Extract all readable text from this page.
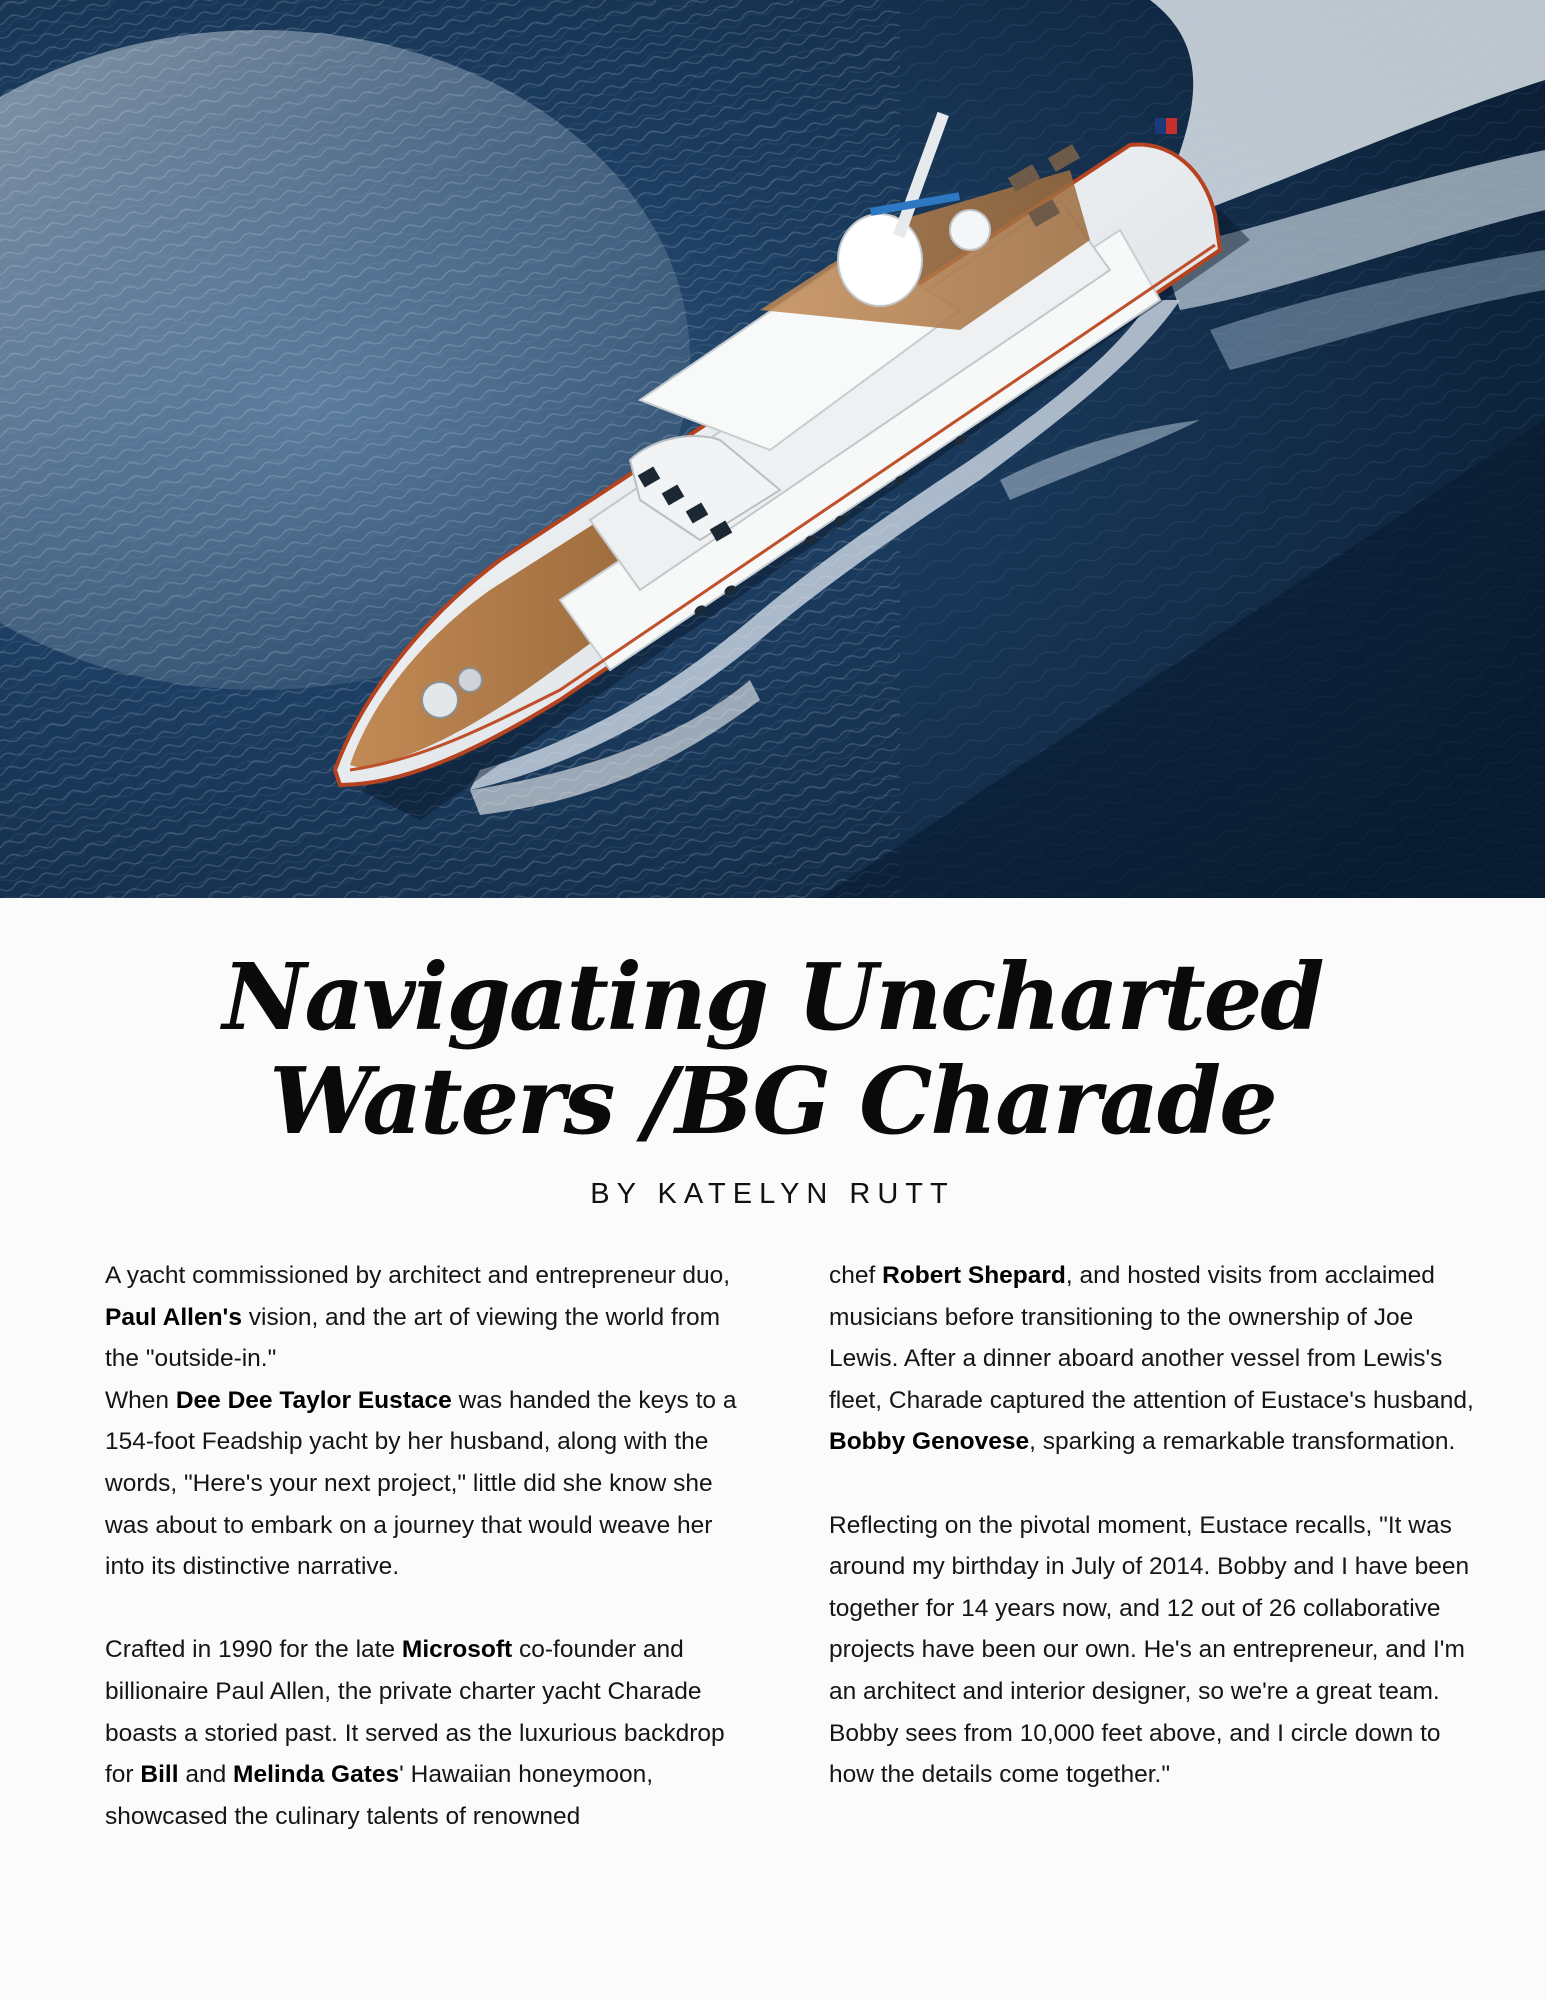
Navigating Uncharted
Waters /BG Charade
BY KATELYN RUTT

A yacht commissioned by architect and entrepreneur duo, Paul Allen's vision, and the art of viewing the world from the "outside-in."

When Dee Dee Taylor Eustace was handed the keys to a 154-foot Feadship yacht by her husband, along with the words, "Here's your next project," little did she know she was about to embark on a journey that would weave her into its distinctive narrative.

Crafted in 1990 for the late Microsoft co-founder and billionaire Paul Allen, the private charter yacht Charade boasts a storied past. It served as the luxurious backdrop for Bill and Melinda Gates' Hawaiian honeymoon, showcased the culinary talents of renowned

chef Robert Shepard, and hosted visits from acclaimed musicians before transitioning to the ownership of Joe Lewis. After a dinner aboard another vessel from Lewis's fleet, Charade captured the attention of Eustace's husband, Bobby Genovese, sparking a remarkable transformation.

Reflecting on the pivotal moment, Eustace recalls, "It was around my birthday in July of 2014. Bobby and I have been together for 14 years now, and 12 out of 26 collaborative projects have been our own. He's an entrepreneur, and I'm an architect and interior designer, so we're a great team. Bobby sees from 10,000 feet above, and I circle down to how the details come together."
